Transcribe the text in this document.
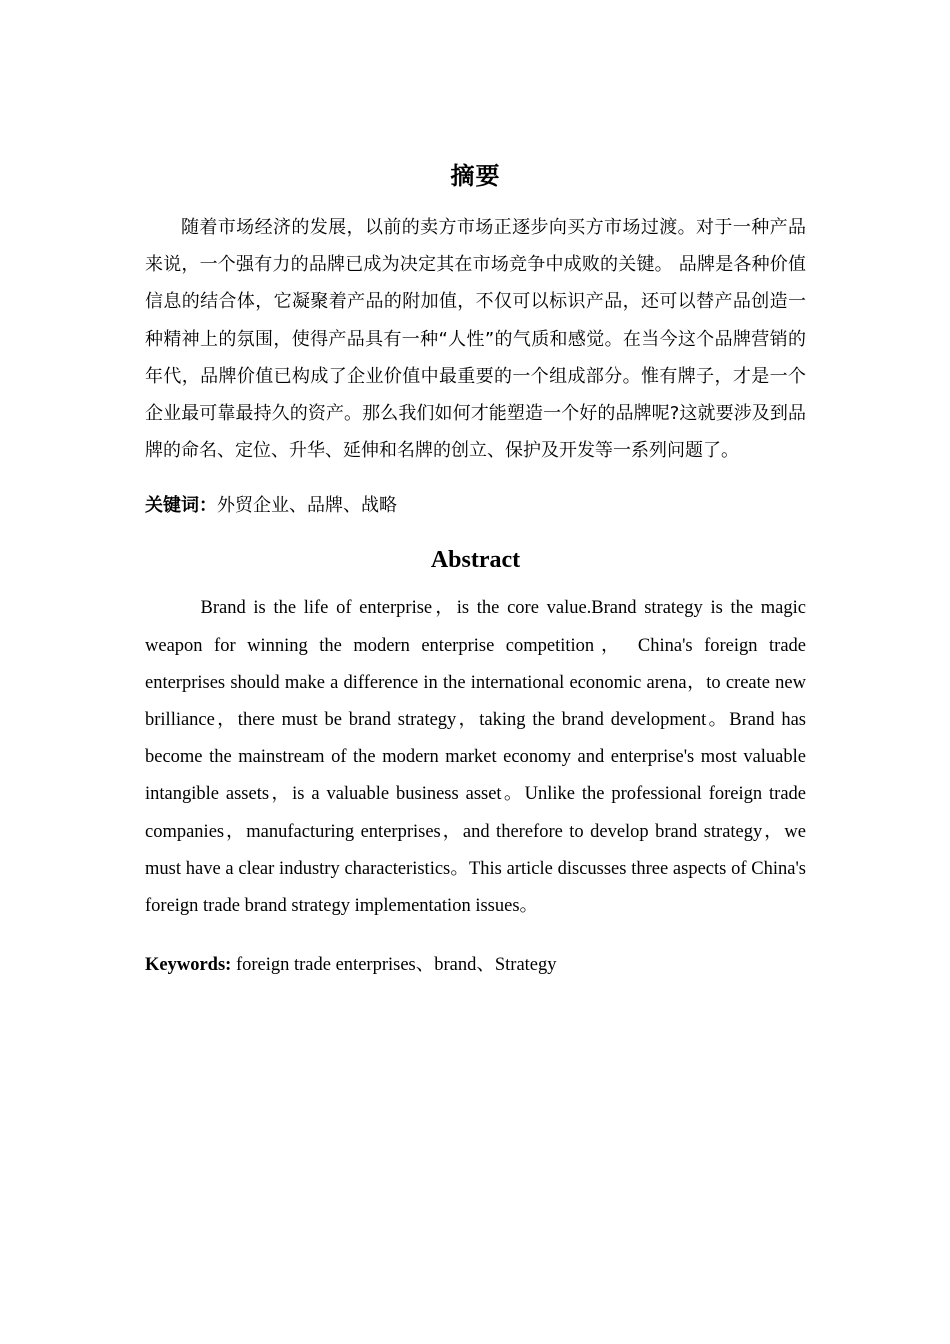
摘要

随着市场经济的发展，以前的卖方市场正逐步向买方市场过渡。对于一种产品来说，一个强有力的品牌已成为决定其在市场竞争中成败的关键。 品牌是各种价值信息的结合体，它凝聚着产品的附加值，不仅可以标识产品，还可以替产品创造一种精神上的氛围，使得产品具有一种“人性”的气质和感觉。在当今这个品牌营销的年代，品牌价值已构成了企业价值中最重要的一个组成部分。惟有牌子，才是一个企业最可靠最持久的资产。那么我们如何才能塑造一个好的品牌呢?这就要涉及到品牌的命名、定位、升华、延伸和名牌的创立、保护及开发等一系列问题了。

关键词：外贸企业、品牌、战略
Abstract

Brand is the life of enterprise，is the core value.Brand strategy is the magic weapon for winning the modern enterprise competition， China's foreign trade enterprises should make a difference in the international economic arena，to create new brilliance，there must be brand strategy，taking the brand development。Brand has become the mainstream of the modern market economy and enterprise's most valuable intangible assets，is a valuable business asset。Unlike the professional foreign trade companies，manufacturing enterprises，and therefore to develop brand strategy，we must have a clear industry characteristics。This article discusses three aspects of China's foreign trade brand strategy implementation issues。

Keywords: foreign trade enterprises、brand、Strategy
